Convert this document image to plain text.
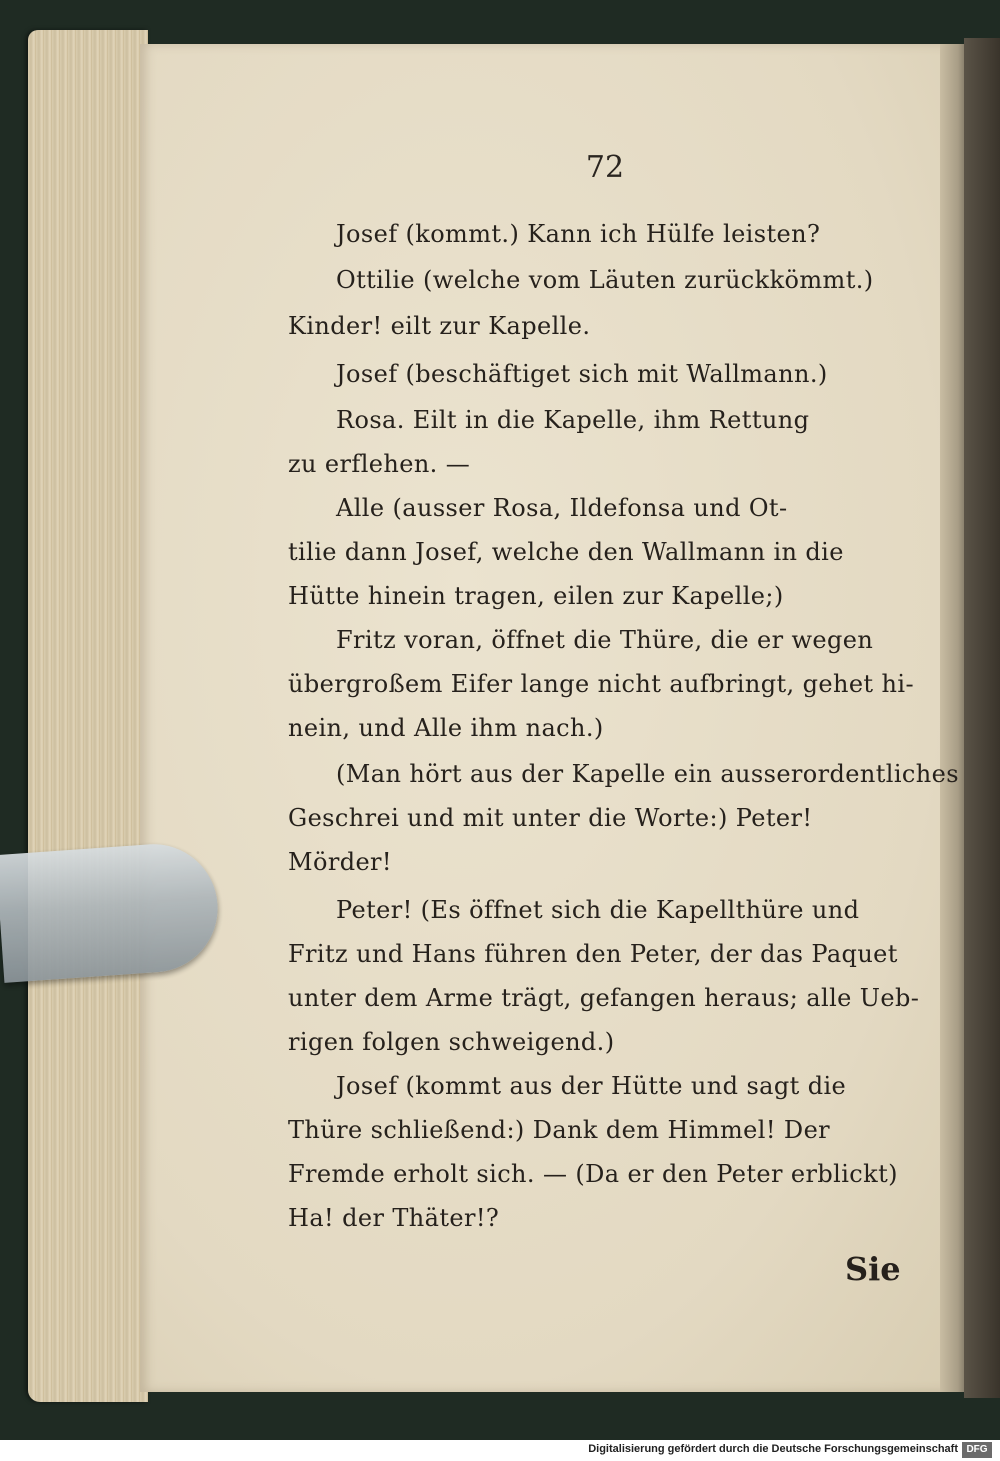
72
Josef (kommt.) Kann ich Hülfe leisten?
Ottilie (welche vom Läuten zurückkömmt.)
Kinder! eilt zur Kapelle.
Josef (beschäftiget sich mit Wallmann.)
Rosa. Eilt in die Kapelle, ihm Rettung
zu erflehen. —
Alle (ausser Rosa, Ildefonsa und Ot-
tilie dann Josef, welche den Wallmann in die
Hütte hinein tragen, eilen zur Kapelle;)
Fritz voran, öffnet die Thüre, die er wegen
übergroßem Eifer lange nicht aufbringt, gehet hi-
nein, und Alle ihm nach.)
(Man hört aus der Kapelle ein ausserordentliches
Geschrei und mit unter die Worte:) Peter!
Mörder!
Peter! (Es öffnet sich die Kapellthüre und
Fritz und Hans führen den Peter, der das Paquet
unter dem Arme trägt, gefangen heraus; alle Ueb-
rigen folgen schweigend.)
Josef (kommt aus der Hütte und sagt die
Thüre schließend:) Dank dem Himmel! Der
Fremde erholt sich. — (Da er den Peter erblickt)
Ha! der Thäter!?
Sie
Digitalisierung gefördert durch die Deutsche Forschungsgemeinschaft DFG
